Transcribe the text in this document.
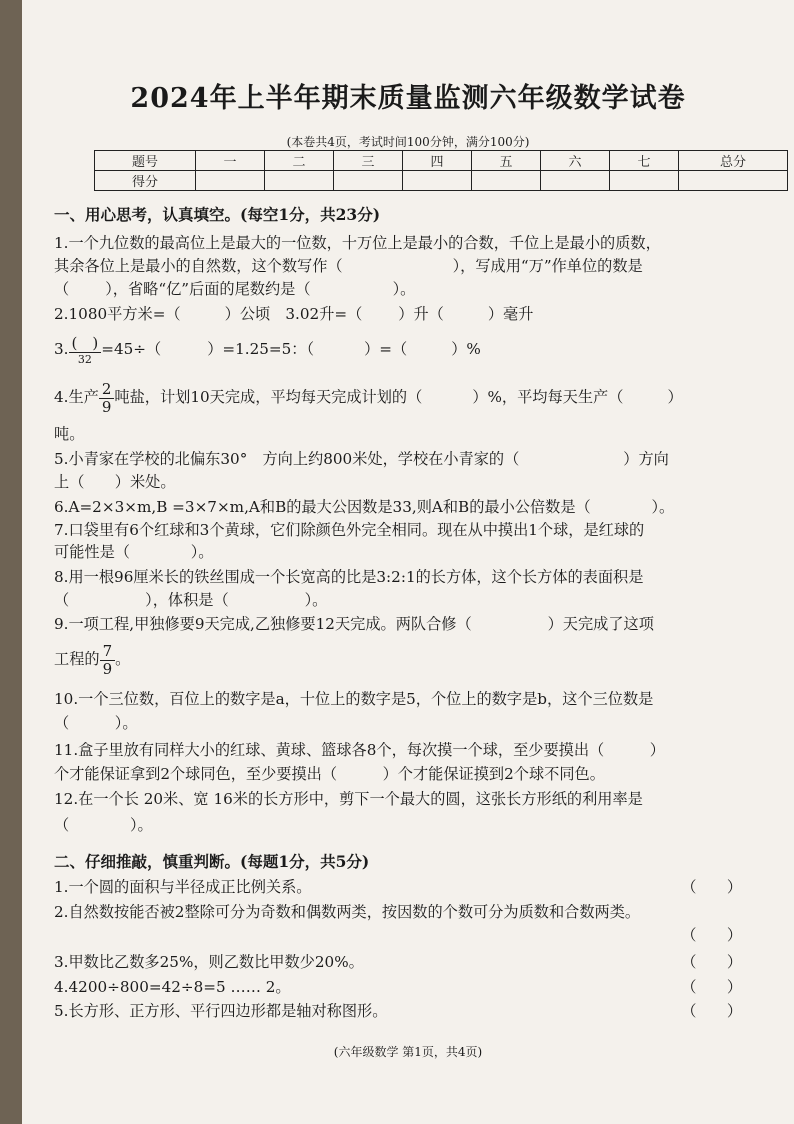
2024年上半年期末质量监测六年级数学试卷
(本卷共4页，考试时间100分钟，满分100分)
题号	一	二	三	四	五	六	七	总分
得分								
一、用心思考，认真填空。(每空1分，共23分)
1.一个九位数的最高位上是最大的一位数，十万位上是最小的合数，千位上是最小的质数，
其余各位上是最小的自然数，这个数写作（	），写成用“万”作单位的数是
（ ），省略“亿”后面的尾数约是（	）。
2.1080平方米=（	）公顷　3.02升=（ ）升（	）毫升
3. $\frac{( )}{32} =45\div$（	）=1.25=5：（	）=（	）%
4.生产 $\frac{2}{9}$ 吨盐，计划10天完成，平均每天完成计划的（	）%，平均每天生产（	）
吨。
5.小青家在学校的北偏东30°　方向上约800米处，学校在小青家的（	）方向
上（　　）米处。
6.A=2×3×m,B =3×7×m,A和B的最大公因数是33,则A和B的最小公倍数是（　　　　）。
7.口袋里有6个红球和3个黄球，它们除颜色外完全相同。现在从中摸出1个球，是红球的
可能性是（　　　　）。
8.用一根96厘米长的铁丝围成一个长宽高的比是3:2:1的长方体，这个长方体的表面积是
（　　　　　），体积是（　　　　　）。
9.一项工程,甲独修要9天完成,乙独修要12天完成。两队合修（　　　　　）天完成了这项
工程的 $\frac{7}{9}$ 。
10.一个三位数，百位上的数字是a，十位上的数字是5，个位上的数字是b，这个三位数是
（　　　）。
11.盒子里放有同样大小的红球、黄球、篮球各8个，每次摸一个球，至少要摸出（　　　）
个才能保证拿到2个球同色，至少要摸出（　　　）个才能保证摸到2个球不同色。
12.在一个长 20米、宽 16米的长方形中，剪下一个最大的圆，这张长方形纸的利用率是
（　　　　）。
二、仔细推敲，慎重判断。(每题1分，共5分)
1.一个圆的面积与半径成正比例关系。	（　　）
2.自然数按能否被2整除可分为奇数和偶数两类，按因数的个数可分为质数和合数两类。
（　　）
3.甲数比乙数多25%，则乙数比甲数少20%。	（　　）
4.4200÷800=42÷8=5 …… 2。	（　　）
5.长方形、正方形、平行四边形都是轴对称图形。	（　　）
(六年级数学 第1页，共4页)
